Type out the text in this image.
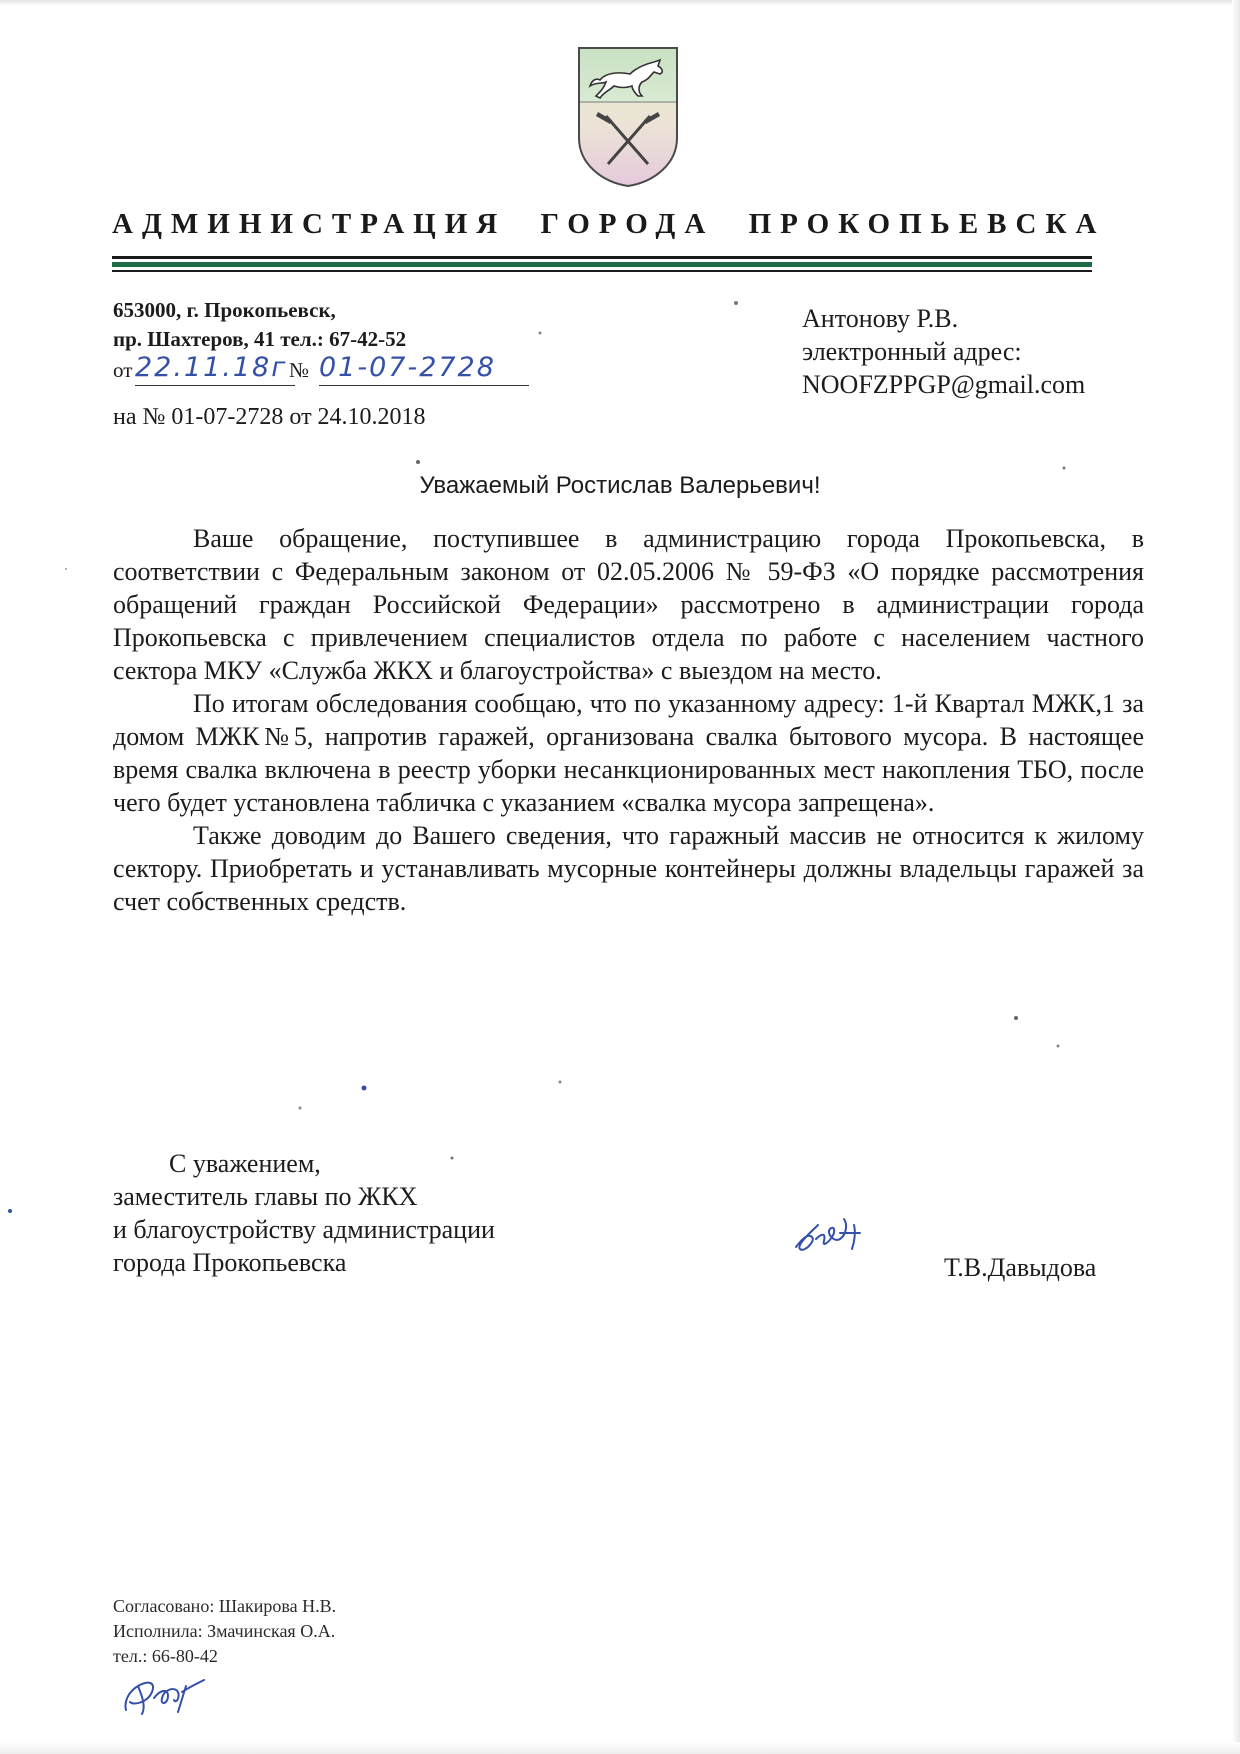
АДМИНИСТРАЦИЯ ГОРОДА ПРОКОПЬЕВСКА
653000, г. Прокопьевск,
пр. Шахтеров, 41 тел.: 67-42-52
от 22.11.18г № 01-07-2728
на № 01-07-2728 от 24.10.2018
Антонову Р.В.
электронный адрес:
NOOFZPPGP@gmail.com
Уважаемый Ростислав Валерьевич!

Ваше обращение, поступившее в администрацию города Прокопьевска, в соответствии с Федеральным законом от 02.05.2006 № 59-ФЗ «О порядке рассмотрения обращений граждан Российской Федерации» рассмотрено в администрации города Прокопьевска с привлечением специалистов отдела по работе с населением частного сектора МКУ «Служба ЖКХ и благоустройства» с выездом на место.

По итогам обследования сообщаю, что по указанному адресу: 1-й Квартал МЖК,1 за домом МЖК№5, напротив гаражей, организована свалка бытового мусора. В настоящее время свалка включена в реестр уборки несанкционированных мест накопления ТБО, после чего будет установлена табличка с указанием «свалка мусора запрещена».

Также доводим до Вашего сведения, что гаражный массив не относится к жилому сектору. Приобретать и устанавливать мусорные контейнеры должны владельцы гаражей за счет собственных средств.

С уважением,
заместитель главы по ЖКХ
и благоустройству администрации
города Прокопьевска	Т.В.Давыдова
Согласовано: Шакирова Н.В.
Исполнила: Змачинская О.А.
тел.: 66-80-42
